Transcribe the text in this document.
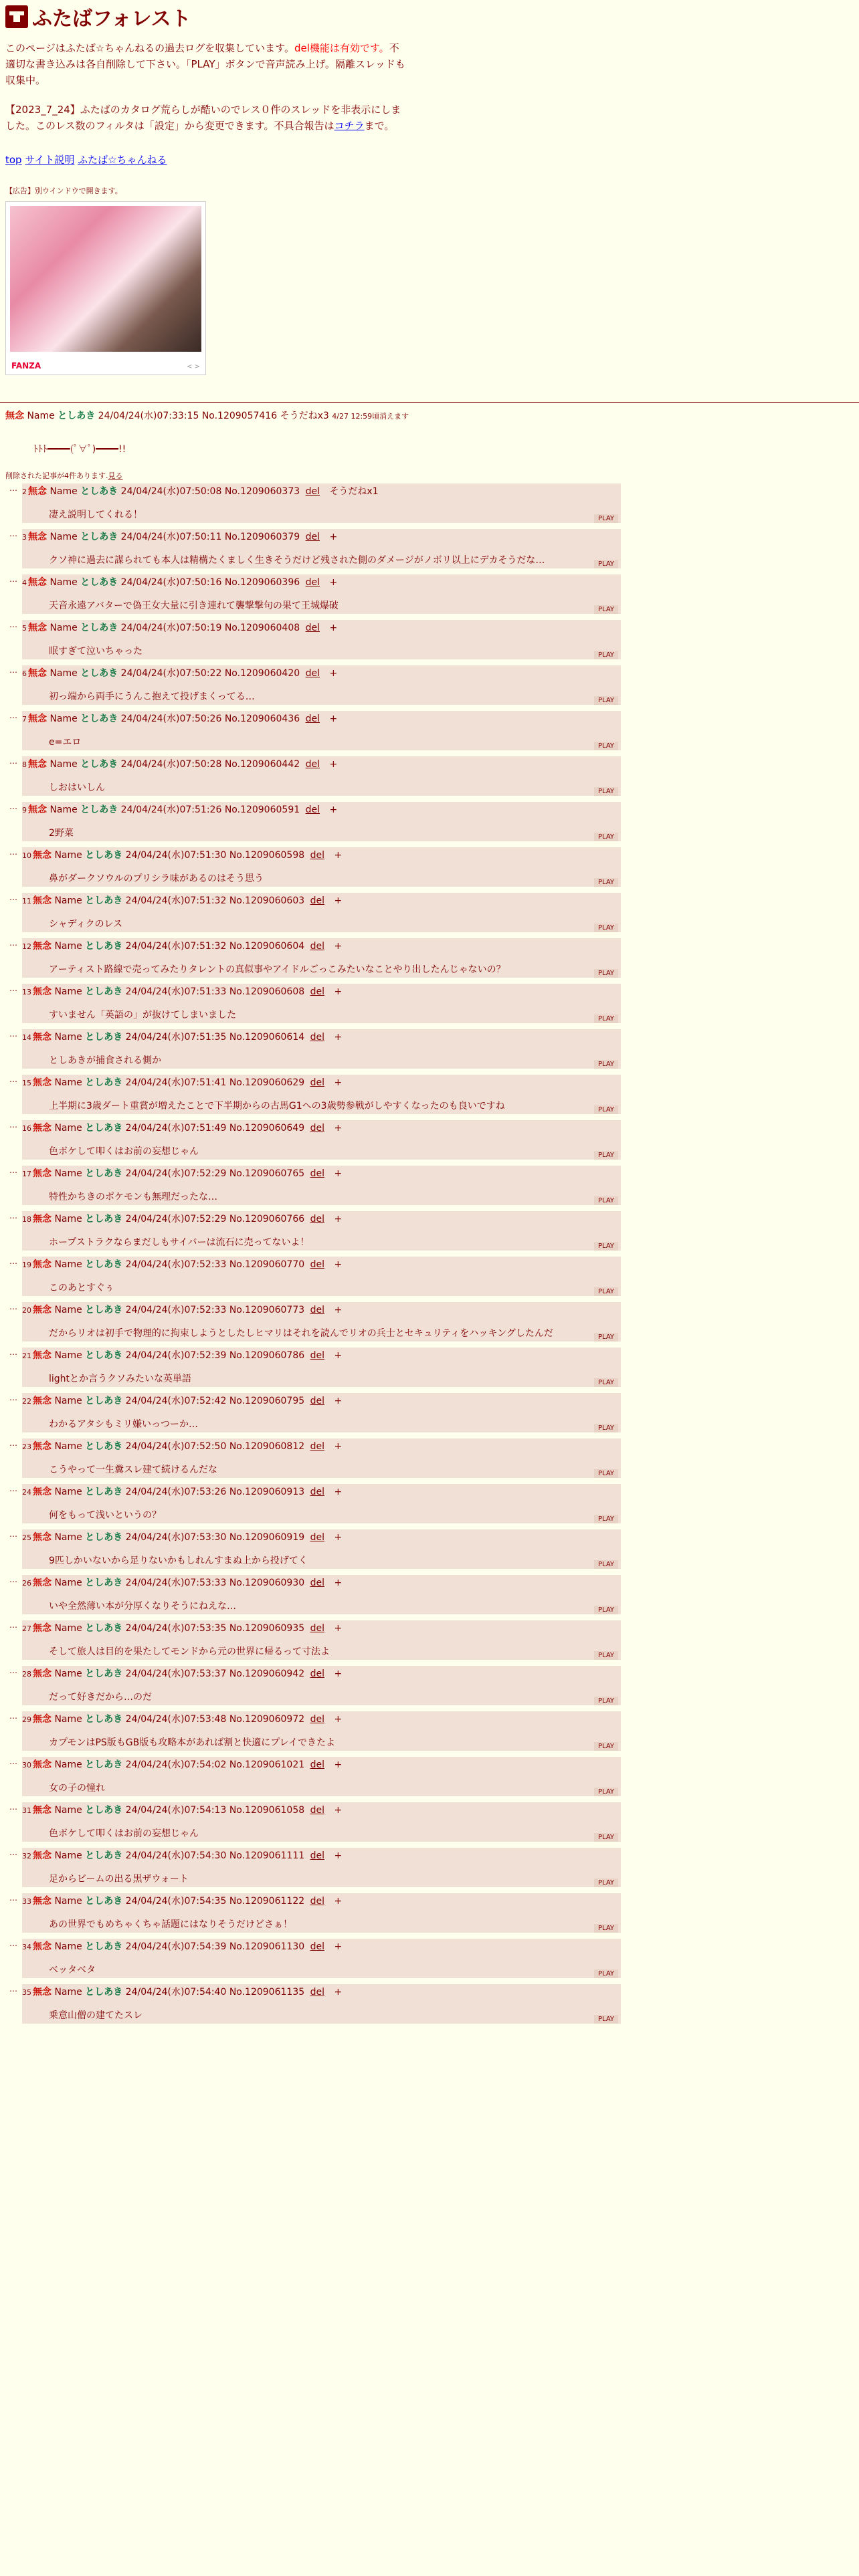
ふたばフォレスト
このページはふたば☆ちゃんねるの過去ログを収集しています。del機能は有効です。不適切な書き込みは各自削除して下さい。「PLAY」ボタンで音声読み上げ。隔離スレッドも収集中。
【2023_7_24】ふたばのカタログ荒らしが酷いのでレス０件のスレッドを非表示にしました。このレス数のフィルタは「設定」から変更できます。不具合報告はコチラまで。
top サイト説明 ふたば☆ちゃんねる
【広告】別ウインドウで開きます。
FANZA	< >
無念 Name としあき 24/04/24(水)07:33:15 No.1209057416 そうだねx3 4/27 12:59頃消えます
ﾄﾄﾄ━━━━(ﾟ∀ﾟ)━━━━!!
削除された記事が4件あります.見る
… 2 無念 Name としあき 24/04/24(水)07:50:08 No.1209060373 del そうだねx1
凄え説明してくれる！	PLAY
… 3 無念 Name としあき 24/04/24(水)07:50:11 No.1209060379 del +
クソ神に過去に謀られても本人は精構たくましく生きそうだけど残された側のダメージがノボリ以上にデカそうだな…	PLAY
… 4 無念 Name としあき 24/04/24(水)07:50:16 No.1209060396 del +
天音永遠アバターで偽王女大量に引き連れて襲撃撃句の果て王城爆破	PLAY
… 5 無念 Name としあき 24/04/24(水)07:50:19 No.1209060408 del +
眠すぎて泣いちゃった	PLAY
… 6 無念 Name としあき 24/04/24(水)07:50:22 No.1209060420 del +
初っ端から両手にうんこ抱えて投げまくってる…	PLAY
… 7 無念 Name としあき 24/04/24(水)07:50:26 No.1209060436 del +
e=エロ	PLAY
… 8 無念 Name としあき 24/04/24(水)07:50:28 No.1209060442 del +
しおはいしん	PLAY
… 9 無念 Name としあき 24/04/24(水)07:51:26 No.1209060591 del +
2野菜	PLAY
… 10 無念 Name としあき 24/04/24(水)07:51:30 No.1209060598 del +
鼻がダークソウルのプリシラ味があるのはそう思う	PLAY
… 11 無念 Name としあき 24/04/24(水)07:51:32 No.1209060603 del +
シャディクのレス	PLAY
… 12 無念 Name としあき 24/04/24(水)07:51:32 No.1209060604 del +
アーティスト路線で売ってみたりタレントの真似事やアイドルごっこみたいなことやり出したんじゃないの？	PLAY
… 13 無念 Name としあき 24/04/24(水)07:51:33 No.1209060608 del +
すいません「英語の」が抜けてしまいました	PLAY
… 14 無念 Name としあき 24/04/24(水)07:51:35 No.1209060614 del +
としあきが捕食される側か	PLAY
… 15 無念 Name としあき 24/04/24(水)07:51:41 No.1209060629 del +
上半期に3歳ダート重賞が増えたことで下半期からの古馬G1への3歳勢参戦がしやすくなったのも良いですね	PLAY
… 16 無念 Name としあき 24/04/24(水)07:51:49 No.1209060649 del +
色ボケして叩くはお前の妄想じゃん	PLAY
… 17 無念 Name としあき 24/04/24(水)07:52:29 No.1209060765 del +
特性かちきのポケモンも無理だったな…	PLAY
… 18 無念 Name としあき 24/04/24(水)07:52:29 No.1209060766 del +
ホープストラクならまだしもサイバーは流石に売ってないよ！	PLAY
… 19 無念 Name としあき 24/04/24(水)07:52:33 No.1209060770 del +
このあとすぐぅ	PLAY
… 20 無念 Name としあき 24/04/24(水)07:52:33 No.1209060773 del +
だからリオは初手で物理的に拘束しようとしたしヒマリはそれを読んでリオの兵士とセキュリティをハッキングしたんだ	PLAY
… 21 無念 Name としあき 24/04/24(水)07:52:39 No.1209060786 del +
lightとか言うクソみたいな英単語	PLAY
… 22 無念 Name としあき 24/04/24(水)07:52:42 No.1209060795 del +
わかるアタシもミリ嫌いっつーか…	PLAY
… 23 無念 Name としあき 24/04/24(水)07:52:50 No.1209060812 del +
こうやって一生糞スレ建て続けるんだな	PLAY
… 24 無念 Name としあき 24/04/24(水)07:53:26 No.1209060913 del +
何をもって浅いというの？	PLAY
… 25 無念 Name としあき 24/04/24(水)07:53:30 No.1209060919 del +
9匹しかいないから足りないかもしれんすまぬ上から投げてく	PLAY
… 26 無念 Name としあき 24/04/24(水)07:53:33 No.1209060930 del +
いや全然薄い本が分厚くなりそうにねえな…	PLAY
… 27 無念 Name としあき 24/04/24(水)07:53:35 No.1209060935 del +
そして旅人は目的を果たしてモンドから元の世界に帰るって寸法よ	PLAY
… 28 無念 Name としあき 24/04/24(水)07:53:37 No.1209060942 del +
だって好きだから…のだ	PLAY
… 29 無念 Name としあき 24/04/24(水)07:53:48 No.1209060972 del +
カプモンはPS版もGB版も攻略本があれば割と快適にプレイできたよ	PLAY
… 30 無念 Name としあき 24/04/24(水)07:54:02 No.1209061021 del +
女の子の憧れ	PLAY
… 31 無念 Name としあき 24/04/24(水)07:54:13 No.1209061058 del +
色ボケして叩くはお前の妄想じゃん	PLAY
… 32 無念 Name としあき 24/04/24(水)07:54:30 No.1209061111 del +
足からビームの出る黒ザウォート	PLAY
… 33 無念 Name としあき 24/04/24(水)07:54:35 No.1209061122 del +
あの世界でもめちゃくちゃ話題にはなりそうだけどさぁ！	PLAY
… 34 無念 Name としあき 24/04/24(水)07:54:39 No.1209061130 del +
ベッタベタ	PLAY
… 35 無念 Name としあき 24/04/24(水)07:54:40 No.1209061135 del +
乗意山僧の建てたスレ	PLAY
